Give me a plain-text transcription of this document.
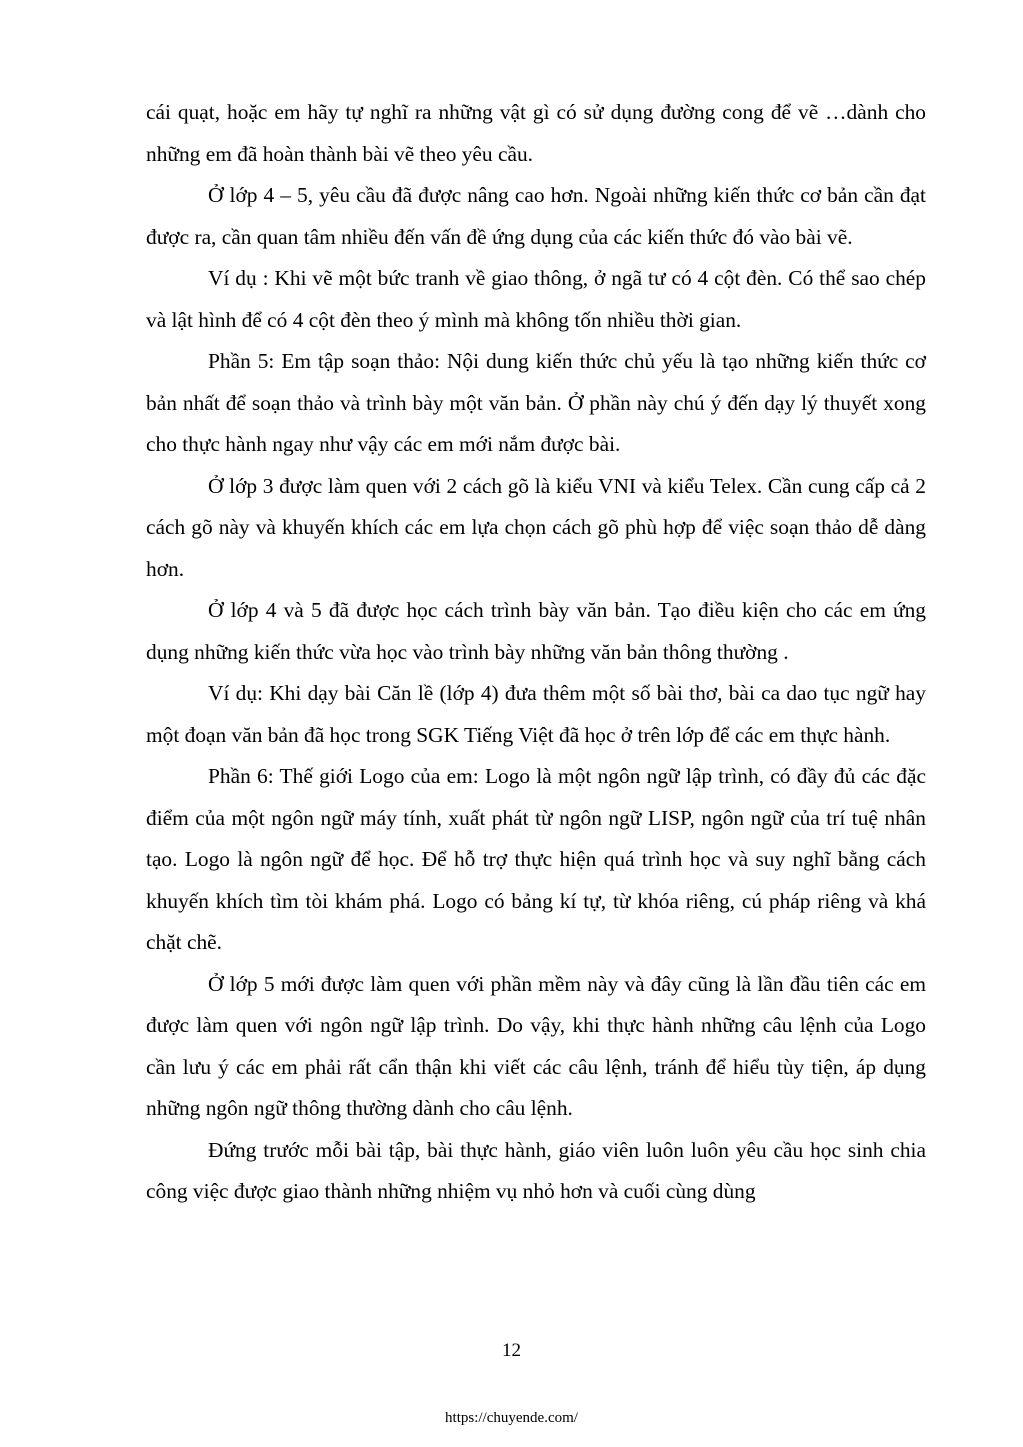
cái quạt, hoặc em hãy tự nghĩ ra những vật gì có sử dụng đường cong để vẽ …dành cho những em đã hoàn thành bài vẽ theo yêu cầu.

Ở lớp 4 – 5, yêu cầu đã được nâng cao hơn. Ngoài những kiến thức cơ bản cần đạt được ra, cần quan tâm nhiều đến vấn đề ứng dụng của các kiến thức đó vào bài vẽ.

Ví dụ : Khi vẽ một bức tranh về giao thông, ở ngã tư có 4 cột đèn. Có thể sao chép và lật hình để có 4 cột đèn theo ý mình mà không tốn nhiều thời gian.

Phần 5: Em tập soạn thảo: Nội dung kiến thức chủ yếu là tạo những kiến thức cơ bản nhất để soạn thảo và trình bày một văn bản. Ở phần này chú ý đến dạy lý thuyết xong cho thực hành ngay như vậy các em mới nắm được bài.

Ở lớp 3 được làm quen với 2 cách gõ là kiểu VNI và kiểu Telex. Cần cung cấp cả 2 cách gõ này và khuyến khích các em lựa chọn cách gõ phù hợp để việc soạn thảo dễ dàng hơn.

Ở lớp 4 và 5 đã được học cách trình bày văn bản. Tạo điều kiện cho các em ứng dụng những kiến thức vừa học vào trình bày những văn bản thông thường .

Ví dụ: Khi dạy bài Căn lề (lớp 4) đưa thêm một số bài thơ, bài ca dao tục ngữ hay một đoạn văn bản đã học trong SGK Tiếng Việt đã học ở trên lớp để các em thực hành.

Phần 6: Thế giới Logo của em: Logo là một ngôn ngữ lập trình, có đầy đủ các đặc điểm của một ngôn ngữ máy tính, xuất phát từ ngôn ngữ LISP, ngôn ngữ của trí tuệ nhân tạo. Logo là ngôn ngữ để học. Để hỗ trợ thực hiện quá trình học và suy nghĩ bằng cách khuyến khích tìm tòi khám phá. Logo có bảng kí tự, từ khóa riêng, cú pháp riêng và khá chặt chẽ.

Ở lớp 5 mới được làm quen với phần mềm này và đây cũng là lần đầu tiên các em được làm quen với ngôn ngữ lập trình. Do vậy, khi thực hành những câu lệnh của Logo cần lưu ý các em phải rất cẩn thận khi viết các câu lệnh, tránh để hiểu tùy tiện, áp dụng những ngôn ngữ thông thường dành cho câu lệnh.

Đứng trước mỗi bài tập, bài thực hành, giáo viên luôn luôn yêu cầu học sinh chia công việc được giao thành những nhiệm vụ nhỏ hơn và cuối cùng dùng

12
https://chuyende.com/
